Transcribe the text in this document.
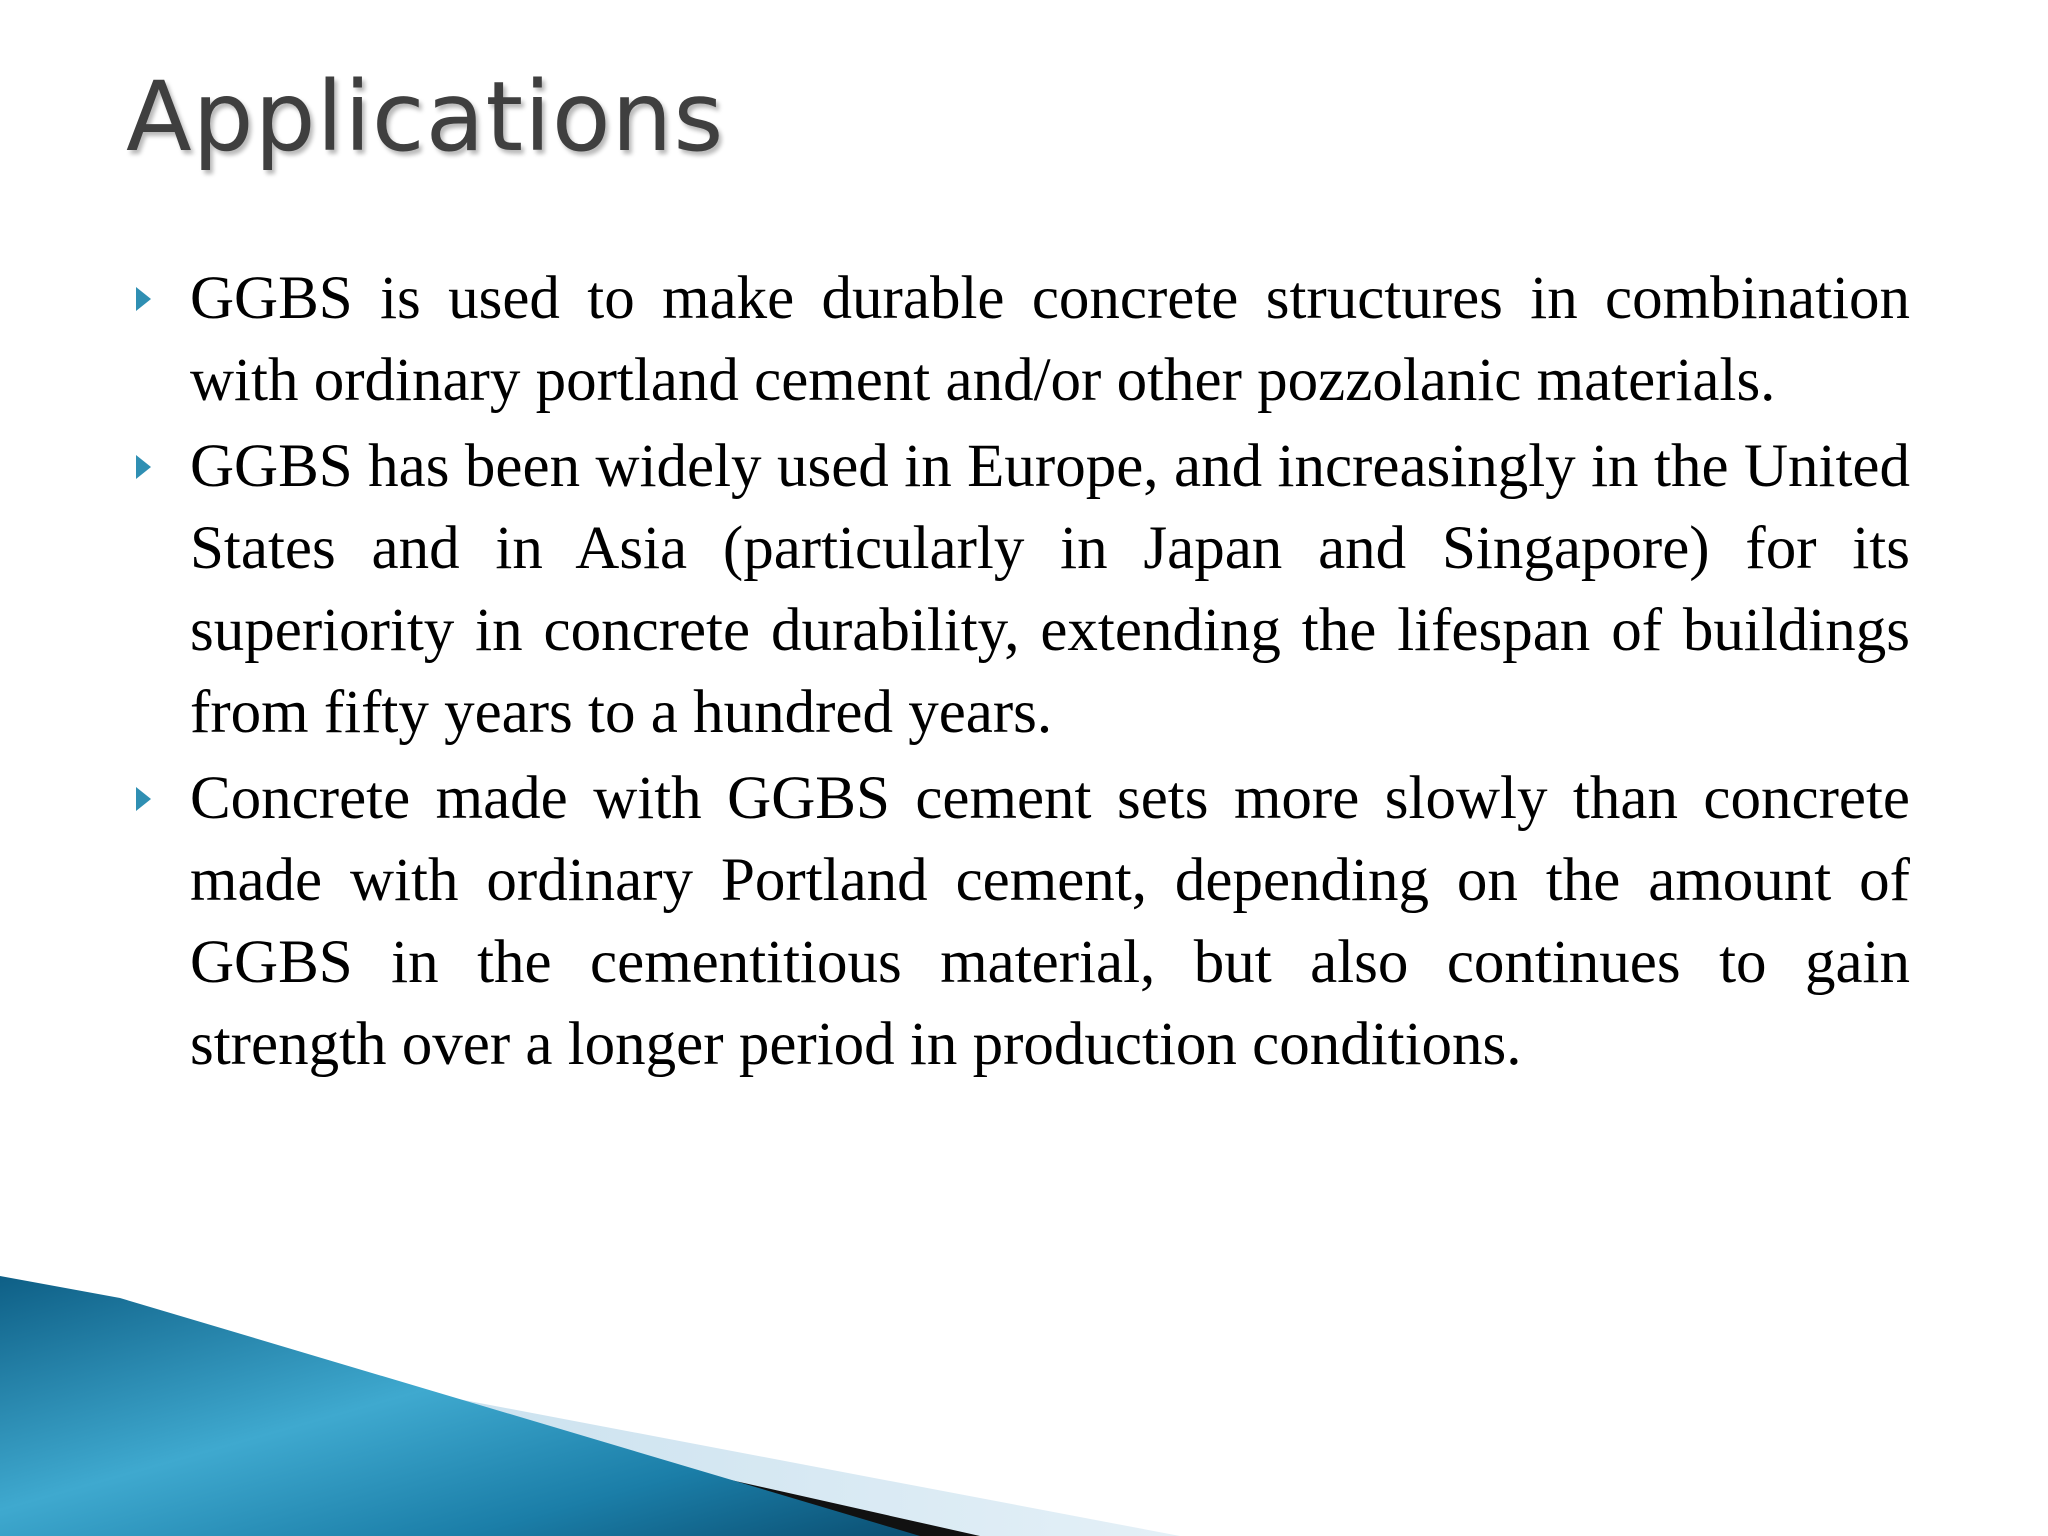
Applications
GGBS is used to make durable concrete structures in combination with ordinary portland cement and/or other pozzolanic materials.
GGBS has been widely used in Europe, and increasingly in the United States and in Asia (particularly in Japan and Singapore) for its superiority in concrete durability, extending the lifespan of buildings from fifty years to a hundred years.
Concrete made with GGBS cement sets more slowly than concrete made with ordinary Portland cement, depending on the amount of GGBS in the cementitious material, but also continues to gain strength over a longer period in production conditions.
